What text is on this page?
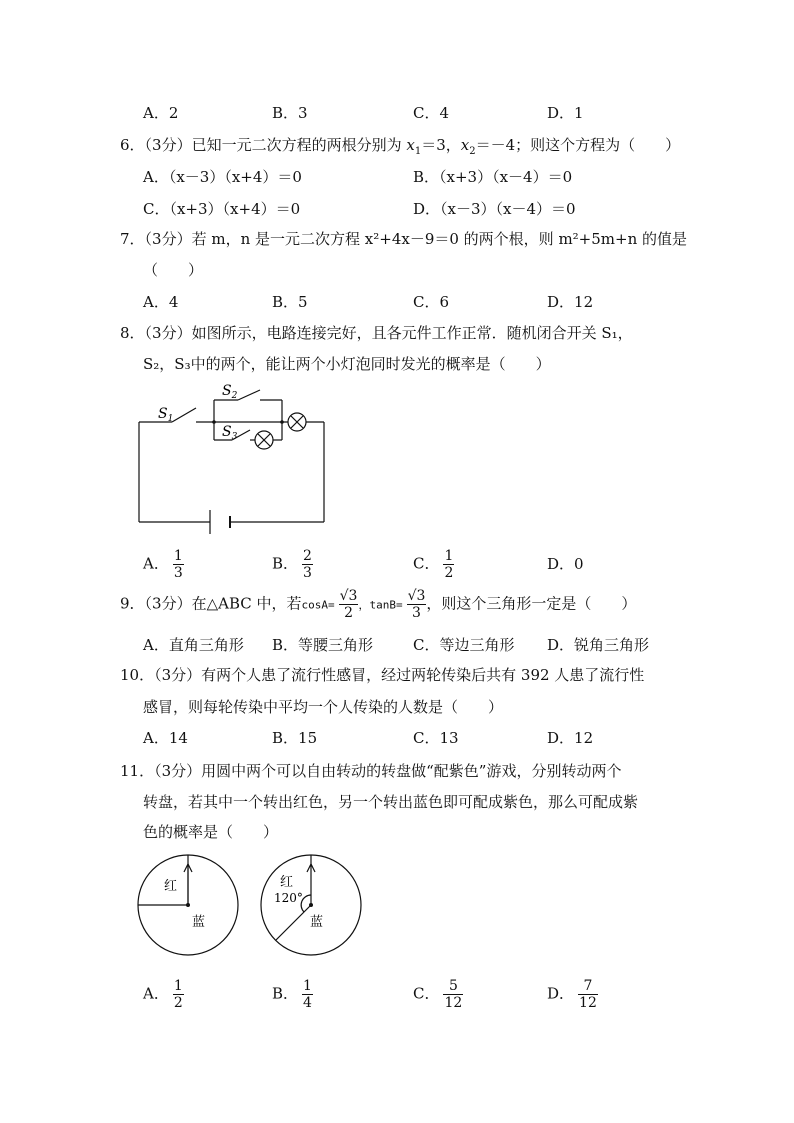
A．2	B．3	C．4	D．1
6．（3分）已知一元二次方程的两根分别为 $x_1=3$，$x_2=-4$；则这个方程为（　　）
A．（x－3）（x+4）＝0	B．（x+3）（x－4）＝0
C．（x+3）（x+4）＝0	D．（x－3）（x－4）＝0
7．（3分）若 m，n 是一元二次方程 x²+4x－9＝0 的两个根，则 m²+5m+n 的值是
（　　）
A．4	B．5	C．6	D．12
8．（3分）如图所示，电路连接完好，且各元件工作正常．随机闭合开关 S₁，
S₂，S₃中的两个，能让两个小灯泡同时发光的概率是（　　）
$S_1$
$S_2$
$S_3$
A． $\frac{1}{3}$	B． $\frac{2}{3}$	C． $\frac{1}{2}$	D．0
9．（3分）在△ABC 中，若$\cos A= \frac{√3}{2}$ ，$\tan B= \frac{√3}{3}$ ，则这个三角形一定是（　　）
A．直角三角形 B．等腰三角形	C．等边三角形 D．锐角三角形
10．（3分）有两个人患了流行性感冒，经过两轮传染后共有 392 人患了流行性
感冒，则每轮传染中平均一个人传染的人数是（　　）
A．14	B．15	C．13	D．12
11．（3分）用圆中两个可以自由转动的转盘做“配紫色”游戏，分别转动两个
转盘，若其中一个转出红色，另一个转出蓝色即可配成紫色，那么可配成紫
色的概率是（　　）
红
蓝
红
120°
蓝
A． $\frac{1}{2}$	B． $\frac{1}{4}$	C． $\frac{5}{12}$	D． $\frac{7}{12}$
